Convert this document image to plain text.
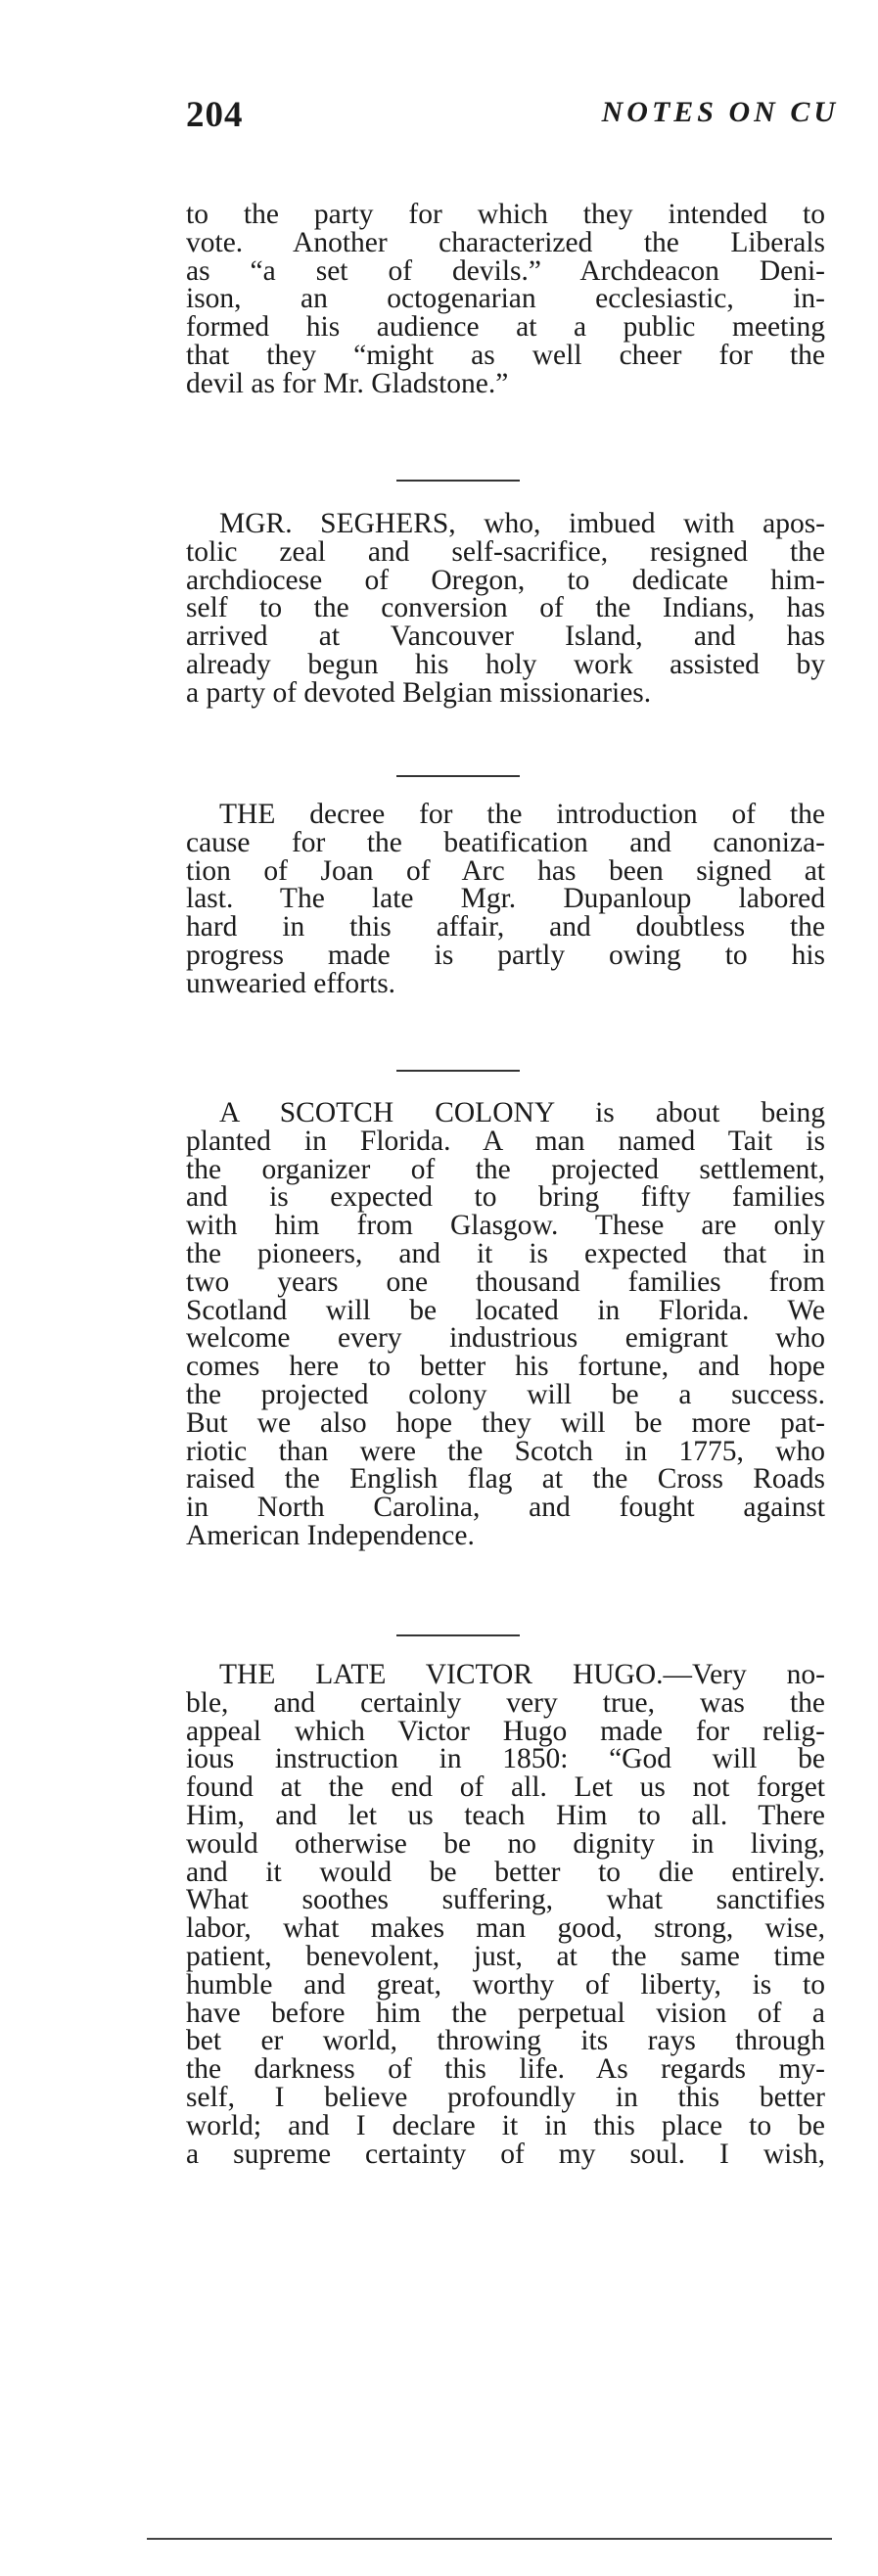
204	NOTES ON CU
to the party for which they intended to
vote. Another characterized the Liberals
as “a set of devils.” Archdeacon Deni-
ison, an octogenarian ecclesiastic, in-
formed his audience at a public meeting
that they “might as well cheer for the
devil as for Mr. Gladstone.”
MGR. SEGHERS, who, imbued with apos-
tolic zeal and self-sacrifice, resigned the
archdiocese of Oregon, to dedicate him-
self to the conversion of the Indians, has
arrived at Vancouver Island, and has
already begun his holy work assisted by
a party of devoted Belgian missionaries.
THE decree for the introduction of the
cause for the beatification and canoniza-
tion of Joan of Arc has been signed at
last. The late Mgr. Dupanloup labored
hard in this affair, and doubtless the
progress made is partly owing to his
unwearied efforts.
A SCOTCH COLONY is about being
planted in Florida. A man named Tait is
the organizer of the projected settlement,
and is expected to bring fifty families
with him from Glasgow. These are only
the pioneers, and it is expected that in
two years one thousand families from
Scotland will be located in Florida. We
welcome every industrious emigrant who
comes here to better his fortune, and hope
the projected colony will be a success.
But we also hope they will be more pat-
riotic than were the Scotch in 1775, who
raised the English flag at the Cross Roads
in North Carolina, and fought against
American Independence.
THE LATE VICTOR HUGO.—Very no-
ble, and certainly very true, was the
appeal which Victor Hugo made for relig-
ious instruction in 1850: “God will be
found at the end of all. Let us not forget
Him, and let us teach Him to all. There
would otherwise be no dignity in living,
and it would be better to die entirely.
What soothes suffering, what sanctifies
labor, what makes man good, strong, wise,
patient, benevolent, just, at the same time
humble and great, worthy of liberty, is to
have before him the perpetual vision of a
bet er world, throwing its rays through
the darkness of this life. As regards my-
self, I believe profoundly in this better
world; and I declare it in this place to be
a supreme certainty of my soul. I wish,
